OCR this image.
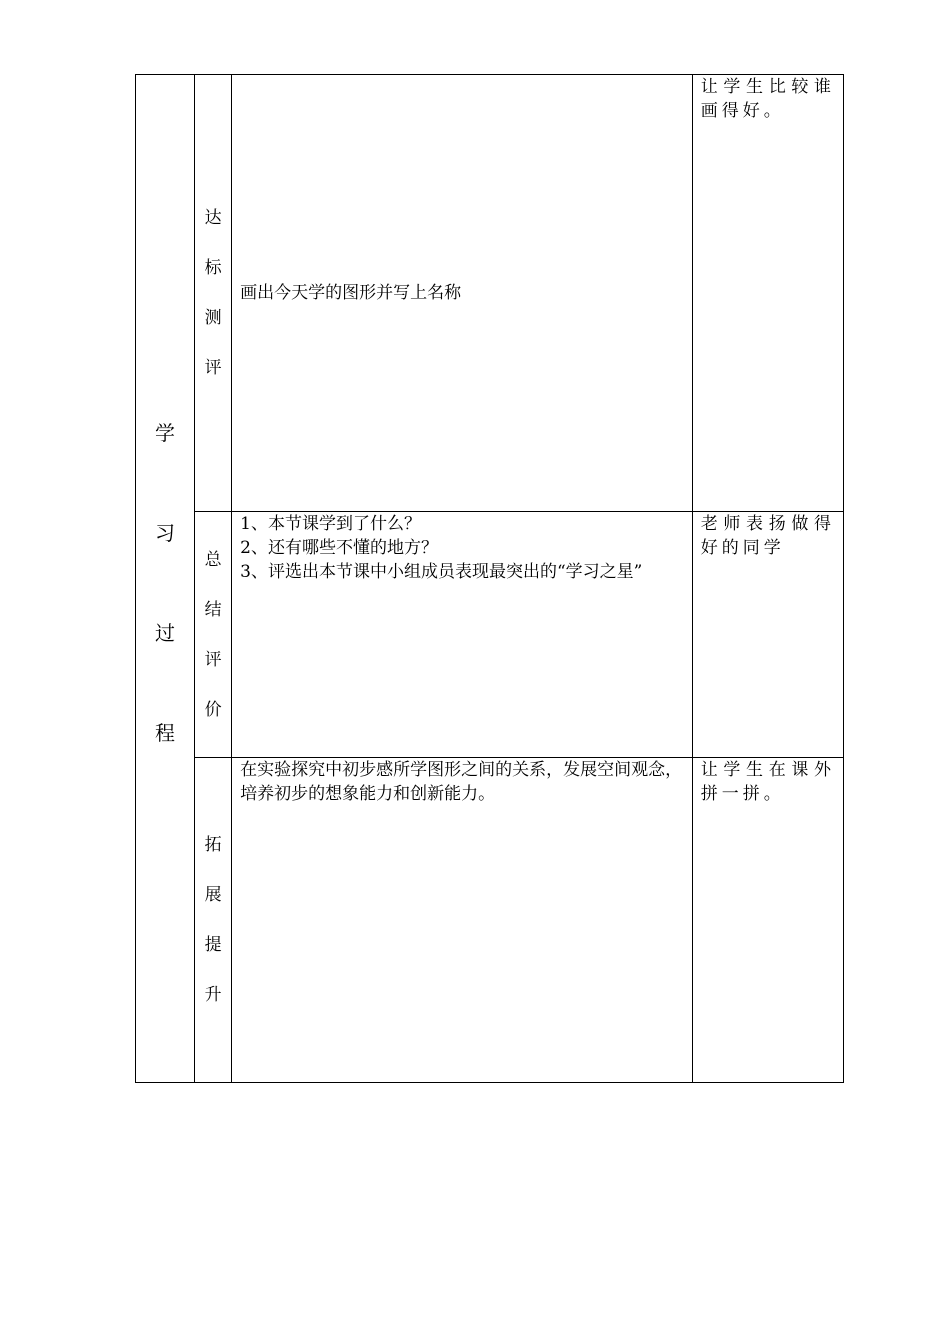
学
习
过
程	达
标
测
评	画出今天学的图形并写上名称	让学生比较谁画得好。
	总
结
评
价	1、本节课学到了什么？
2、还有哪些不懂的地方？
3、评选出本节课中小组成员表现最突出的“学习之星”	老师表扬做得好的同学
	拓
展
提
升	在实验探究中初步感所学图形之间的关系，发展空间观念，培养初步的想象能力和创新能力。	让学生在课外拼一拼。
